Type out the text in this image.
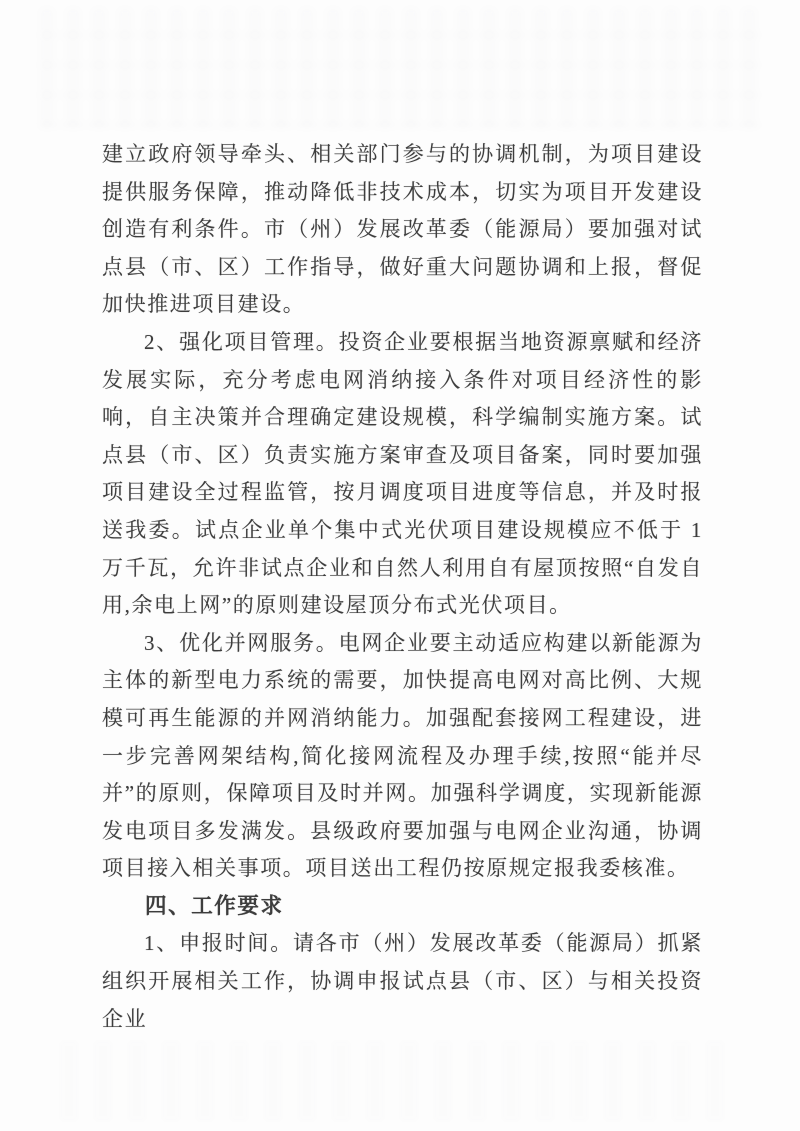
建立政府领导牵头、相关部门参与的协调机制，为项目建设提供服务保障，推动降低非技术成本，切实为项目开发建设创造有利条件。市（州）发展改革委（能源局）要加强对试点县（市、区）工作指导，做好重大问题协调和上报，督促加快推进项目建设。

2、强化项目管理。投资企业要根据当地资源禀赋和经济发展实际，充分考虑电网消纳接入条件对项目经济性的影响，自主决策并合理确定建设规模，科学编制实施方案。试点县（市、区）负责实施方案审查及项目备案，同时要加强项目建设全过程监管，按月调度项目进度等信息，并及时报送我委。试点企业单个集中式光伏项目建设规模应不低于 1 万千瓦，允许非试点企业和自然人利用自有屋顶按照“自发自用,余电上网”的原则建设屋顶分布式光伏项目。

3、优化并网服务。电网企业要主动适应构建以新能源为主体的新型电力系统的需要，加快提高电网对高比例、大规模可再生能源的并网消纳能力。加强配套接网工程建设，进一步完善网架结构,简化接网流程及办理手续,按照“能并尽并”的原则，保障项目及时并网。加强科学调度，实现新能源发电项目多发满发。县级政府要加强与电网企业沟通，协调项目接入相关事项。项目送出工程仍按原规定报我委核准。

四、工作要求

1、申报时间。请各市（州）发展改革委（能源局）抓紧组织开展相关工作，协调申报试点县（市、区）与相关投资企业
